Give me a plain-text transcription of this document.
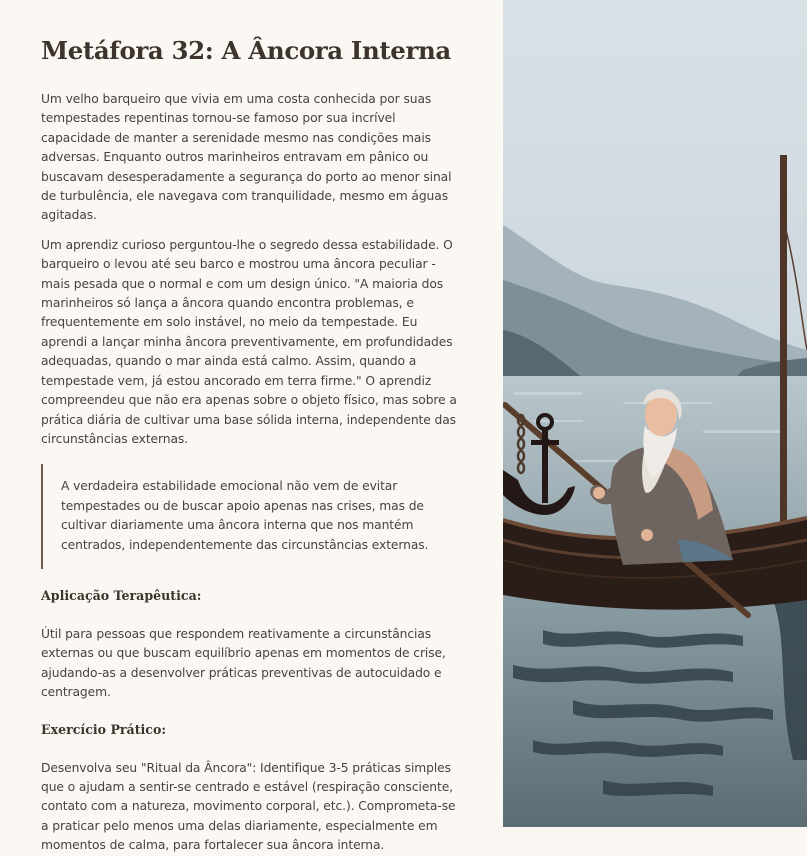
Metáfora 32: A Âncora Interna

Um velho barqueiro que vivia em uma costa conhecida por suas tempestades repentinas tornou-se famoso por sua incrível capacidade de manter a serenidade mesmo nas condições mais adversas. Enquanto outros marinheiros entravam em pânico ou buscavam desesperadamente a segurança do porto ao menor sinal de turbulência, ele navegava com tranquilidade, mesmo em águas agitadas.

Um aprendiz curioso perguntou-lhe o segredo dessa estabilidade. O barqueiro o levou até seu barco e mostrou uma âncora peculiar - mais pesada que o normal e com um design único. "A maioria dos marinheiros só lança a âncora quando encontra problemas, e frequentemente em solo instável, no meio da tempestade. Eu aprendi a lançar minha âncora preventivamente, em profundidades adequadas, quando o mar ainda está calmo. Assim, quando a tempestade vem, já estou ancorado em terra firme." O aprendiz compreendeu que não era apenas sobre o objeto físico, mas sobre a prática diária de cultivar uma base sólida interna, independente das circunstâncias externas.

A verdadeira estabilidade emocional não vem de evitar tempestades ou de buscar apoio apenas nas crises, mas de cultivar diariamente uma âncora interna que nos mantém centrados, independentemente das circunstâncias externas.
Aplicação Terapêutica:

Útil para pessoas que respondem reativamente a circunstâncias externas ou que buscam equilíbrio apenas em momentos de crise, ajudando-as a desenvolver práticas preventivas de autocuidado e centragem.

Exercício Prático:

Desenvolva seu "Ritual da Âncora": Identifique 3-5 práticas simples que o ajudam a sentir-se centrado e estável (respiração consciente, contato com a natureza, movimento corporal, etc.). Comprometa-se a praticar pelo menos uma delas diariamente, especialmente em momentos de calma, para fortalecer sua âncora interna.
